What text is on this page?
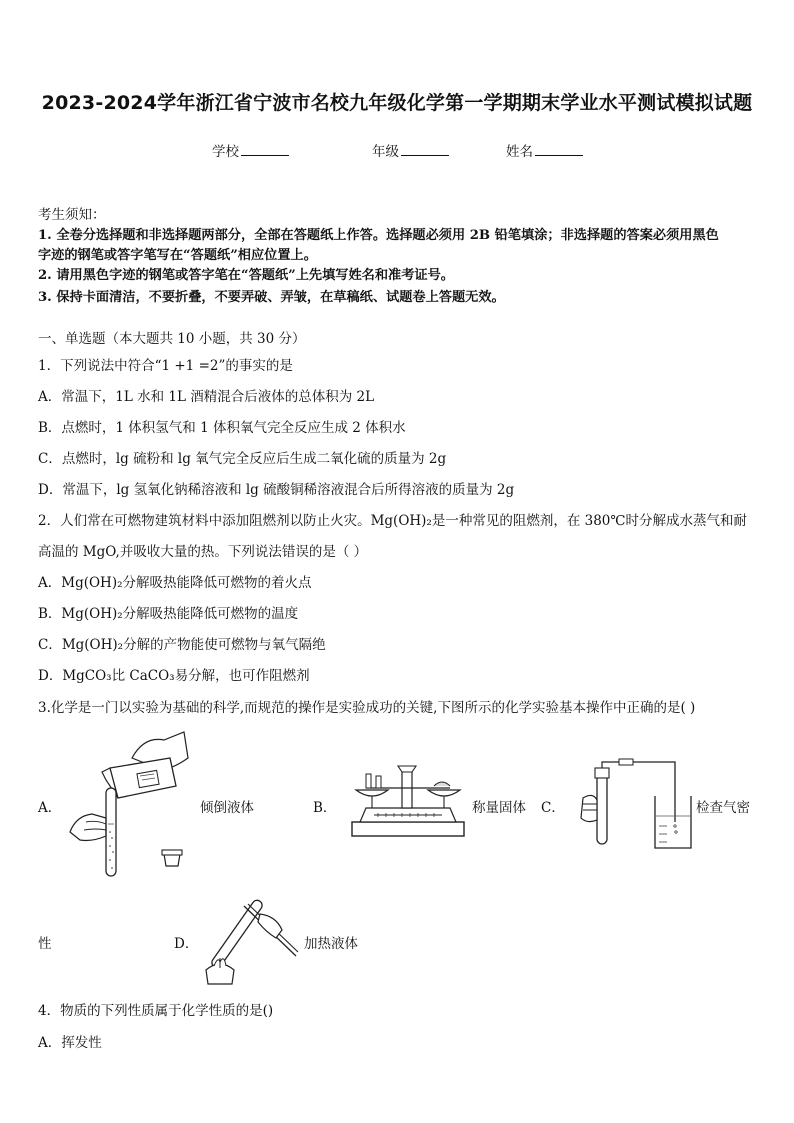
2023-2024学年浙江省宁波市名校九年级化学第一学期期末学业水平测试模拟试题
学校	年级	姓名
考生须知：
1. 全卷分选择题和非选择题两部分，全部在答题纸上作答。选择题必须用 2B 铅笔填涂；非选择题的答案必须用黑色
字迹的钢笔或答字笔写在“答题纸”相应位置上。
2. 请用黑色字迹的钢笔或答字笔在“答题纸”上先填写姓名和准考证号。
3. 保持卡面清洁，不要折叠，不要弄破、弄皱，在草稿纸、试题卷上答题无效。
一、单选题（本大题共 10 小题，共 30 分）
1．下列说法中符合“1 +1 =2”的事实的是
A．常温下，1L 水和 1L 酒精混合后液体的总体积为 2L
B．点燃时，1 体积氢气和 1 体积氧气完全反应生成 2 体积水
C．点燃时，lg 硫粉和 lg 氧气完全反应后生成二氧化硫的质量为 2g
D．常温下，lg 氢氧化钠稀溶液和 lg 硫酸铜稀溶液混合后所得溶液的质量为 2g
2．人们常在可燃物建筑材料中添加阻燃剂以防止火灾。Mg(OH)₂是一种常见的阻燃剂，在 380℃时分解成水蒸气和耐
高温的 MgO,并吸收大量的热。下列说法错误的是（ ）
A．Mg(OH)₂分解吸热能降低可燃物的着火点
B．Mg(OH)₂分解吸热能降低可燃物的温度
C．Mg(OH)₂分解的产物能使可燃物与氧气隔绝
D．MgCO₃比 CaCO₃易分解，也可作阻燃剂
3.化学是一门以实验为基础的科学,而规范的操作是实验成功的关键,下图所示的化学实验基本操作中正确的是( )
A．	倾倒液体	B．	称量固体 C．	检查气密
性	D．	加热液体
4．物质的下列性质属于化学性质的是()
A．挥发性
